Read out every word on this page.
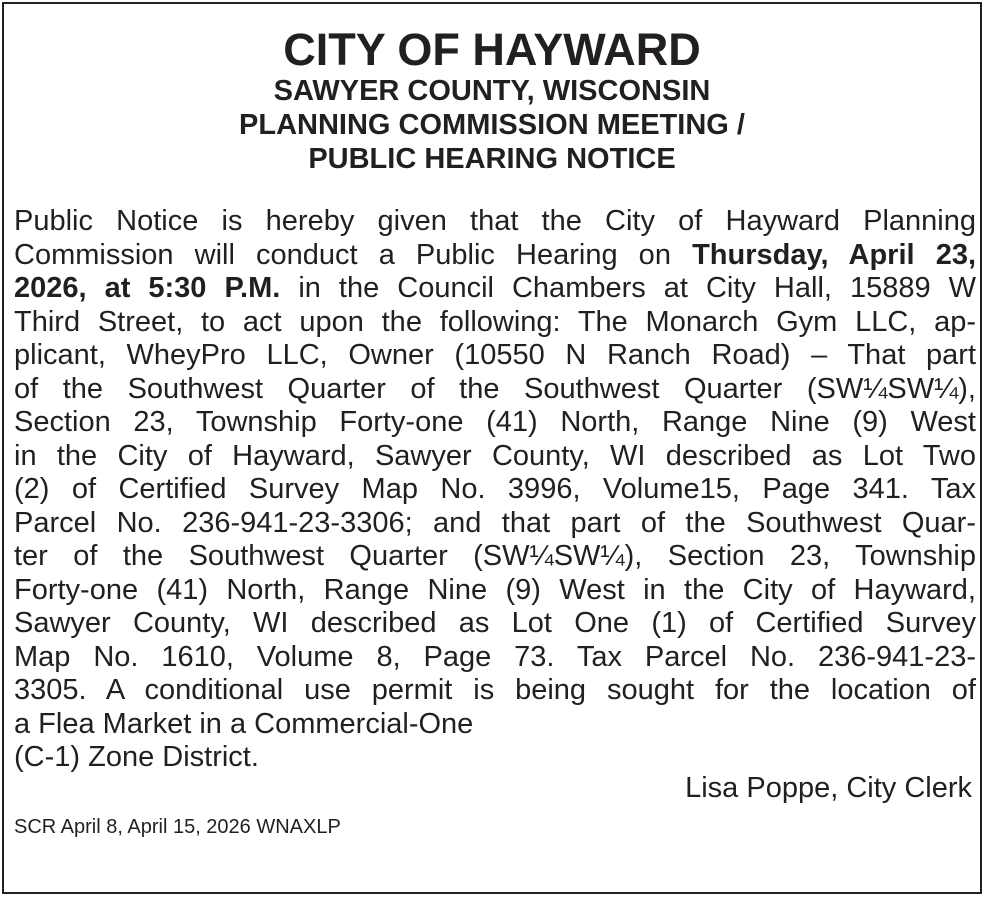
CITY OF HAYWARD
SAWYER COUNTY, WISCONSIN
PLANNING COMMISSION MEETING /
PUBLIC HEARING NOTICE
Public Notice is hereby given that the City of Hayward Planning
Commission will conduct a Public Hearing on Thursday, April 23,
2026, at 5:30 P.M. in the Council Chambers at City Hall, 15889 W
Third Street, to act upon the following: The Monarch Gym LLC, ap-
plicant, WheyPro LLC, Owner (10550 N Ranch Road) – That part
of the Southwest Quarter of the Southwest Quarter (SW¼SW¼),
Section 23, Township Forty-one (41) North, Range Nine (9) West
in the City of Hayward, Sawyer County, WI described as Lot Two
(2) of Certified Survey Map No. 3996, Volume15, Page 341. Tax
Parcel No. 236-941-23-3306; and that part of the Southwest Quar-
ter of the Southwest Quarter (SW¼SW¼), Section 23, Township
Forty-one (41) North, Range Nine (9) West in the City of Hayward,
Sawyer County, WI described as Lot One (1) of Certified Survey
Map No. 1610, Volume 8, Page 73. Tax Parcel No. 236-941-23-
3305. A conditional use permit is being sought for the location of
a Flea Market in a Commercial-One
(C-1) Zone District.
Lisa Poppe, City Clerk
SCR April 8, April 15, 2026 WNAXLP
